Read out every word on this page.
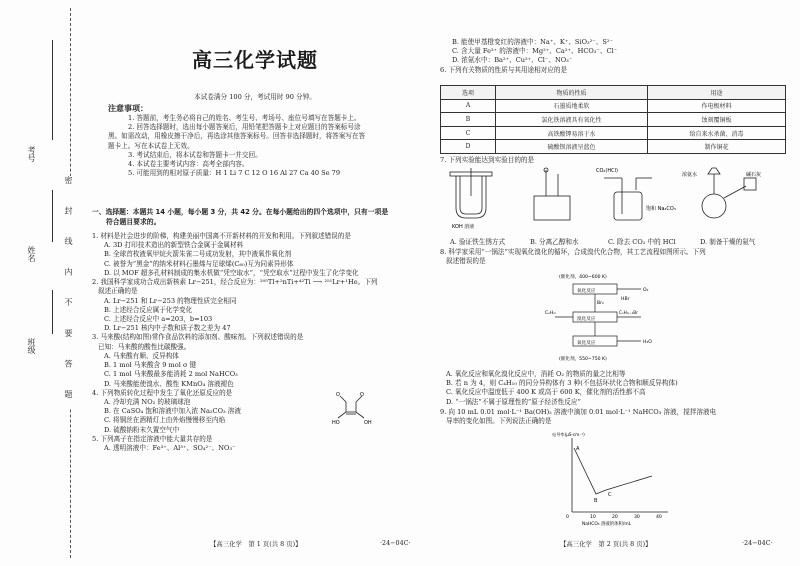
考号
姓名
班级	密 封 线 内 不 要 答 题
高三化学试题
本试卷满分 100 分，考试用时 90 分钟。
注意事项：

1. 答题前，考生务必将自己的姓名、考生号、考场号、座位号填写在答题卡上。

2. 回答选择题时，选出每小题答案后，用铅笔把答题卡上对应题目的答案标号涂

黑。如需改动，用橡皮擦干净后，再选涂其他答案标号。回答非选择题时，将答案写在答

题卡上。写在本试卷上无效。

3. 考试结束后，将本试卷和答题卡一并交回。

4. 本试卷主要考试内容：高考全部内容。

5. 可能用到的相对原子质量：H 1 Li 7 C 12 O 16 Al 27 Ca 40 Se 79

一、选择题：本题共 14 小题，每小题 3 分，共 42 分。在每小题给出的四个选项中，只有一项是

符合题目要求的。

1. 材料是社会进步的阶梯，构建美丽中国离不开新材料的开发和利用。下列叙述错误的是

A. 3D 打印技术造出的新型铁合金属于金属材料

B. 全球首枚液氧甲烷火箭朱雀二号成功发射，其中液氧作氧化剂

C. 被誉为“黑金”的纳米材料石墨烯与足球烯(C₆₀)互为同素异形体

D. 以 MOF 超多孔材料制成的集水机做“凭空取水”，“凭空取水”过程中发生了化学变化

2. 我国科学家成功合成出新核素 Lr−251，经合反应为：²⁰⁵Tl+²nTi+⁴²Ti ⟶ ²⁵¹Lr+¹He。下列

叙述正确的是

A. Lr−251 和 Lr−253 的物理性质完全相同

B. 上述经合反应属于化学变化

C. 上述经合反应中 a=203，b=103

D. Lr−251 核内中子数和质子数之差为 47

3. 马来酸(结构如图)常作食品饮料的添加剂、酸味剂。下列叙述错误的是

已知：马来酸的酸性比碳酸强。

A. 马来酸有顺、反异构体

B. 1 mol 马来酸含 9 mol σ 键

C. 1 mol 马来酸最多能消耗 2 mol NaHCO₃

D. 马来酸能使溴水、酸性 KMnO₄ 溶液褪色

4. 下列物质转化过程中发生了氧化还原反应的是

A. 冷却充满 NO₂ 的玻璃球泡

B. 在 CaSO₄ 饱和溶液中加入浓 Na₂CO₃ 溶液

C. 将铜丝在酒精灯上由外焰慢慢移至内焰

D. 硫酸钠粉末久置空气中

5. 下列离子在指定溶液中能大量共存的是

A. 透明溶液中：Fe³⁺、Al³⁺、SO₄²⁻、NO₃⁻

HO	OH
O	O
【高三化学　第 1 页(共 8 页)】	·24−04C·

B. 能使甲基橙变红的溶液中：Na⁺、K⁺、SiO₃²⁻、S²⁻

C. 含大量 Fe³⁺ 的溶液中：Mg²⁺、Ca²⁺、HCO₃⁻、Cl⁻

D. 浓氨水中：Ba²⁺、Cu²⁺、Cl⁻、NO₃⁻

6. 下列有关物质的性质与其用途相对应的是

选项	物质的性质	用途
A	石墨质地柔软	作电极材料
B	氯化铁溶液具有氧化性	蚀刻覆铜板
C	高铁酸钾易溶于水	给自来水杀菌、消毒
D	硫酸钡溶液呈蓝色	制作铜花

7. 下列实验能达到实验目的的是

KOH 溶液
CO₂(HCl)
饱和 Na₂CO₃
浓氨水	碱石灰
A. 验证铁生锈方式	B. 分离乙醇和水	C. 除去 CO₂ 中的 HCl	D. 制备干燥的氨气

8. 科学家采用“一锅法”实现氧化溴化的循环，合成溴代化合物，其工艺流程如图所示。下列

叙述错误的是

(催化剂，400~600 K)
氧化反应
溴化反应
氧化反应
Br₂
HBr
O₂
H₂O
CₙHₘ	CₙHₘ₋₁Br
(催化剂，550~750 K)

A. 氧化反应和氧化溴化反应中，消耗 O₂ 的物质的量之比相等

B. 若 n 为 4，则 C₄H₁₀ 的同分异构体有 3 种(不包括环状化合物和顺反异构体)

C. 氧化反应中温度低于 400 K 或高于 600 K，催化剂的活性都不高

D. “一锅法”不属于原理性的“原子经济性反应”

9. 向 10 mL 0.01 mol·L⁻¹ Ba(OH)₂ 溶液中滴加 0.01 mol·L⁻¹ NaHCO₃ 溶液，搅拌溶液电

导率的变化如图。下列说法正确的是

A
B
C
0	10	20	30	40
NaHCO₃ 溶液的体积/mL
电导率(μS·cm⁻¹)
【高三化学　第 2 页(共 8 页)】	·24−04C·
